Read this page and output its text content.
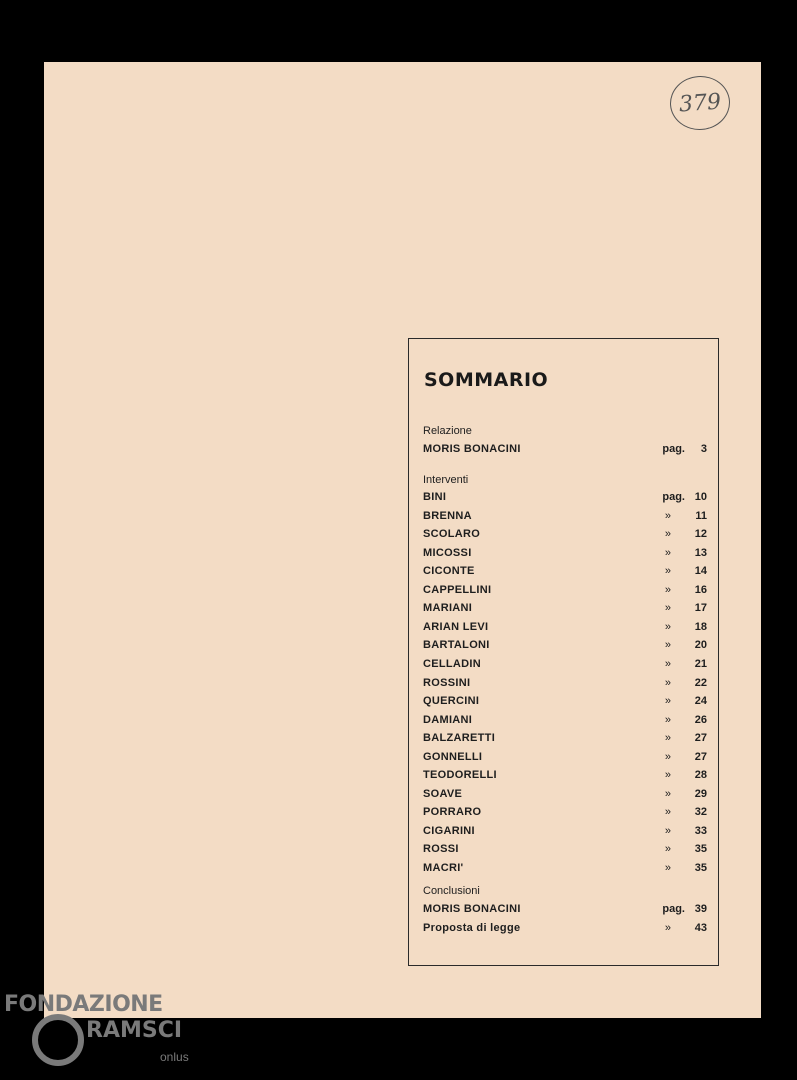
379
SOMMARIO
Relazione
MORIS BONACINI	pag.	3
Interventi
BINI	pag. 10
BRENNA	»	11
SCOLARO	»	12
MICOSSI	»	13
CICONTE	»	14
CAPPELLINI	»	16
MARIANI	»	17
ARIAN LEVI	»	18
BARTALONI	»	20
CELLADIN	»	21
ROSSINI	»	22
QUERCINI	»	24
DAMIANI	»	26
BALZARETTI	»	27
GONNELLI	»	27
TEODORELLI	»	28
SOAVE	»	29
PORRARO	»	32
CIGARINI	»	33
ROSSI	»	35
MACRI'	»	35
Conclusioni
MORIS BONACINI	pag. 39
Proposta di legge	»	43
FONDAZIONE
RAMSCI
onlus
